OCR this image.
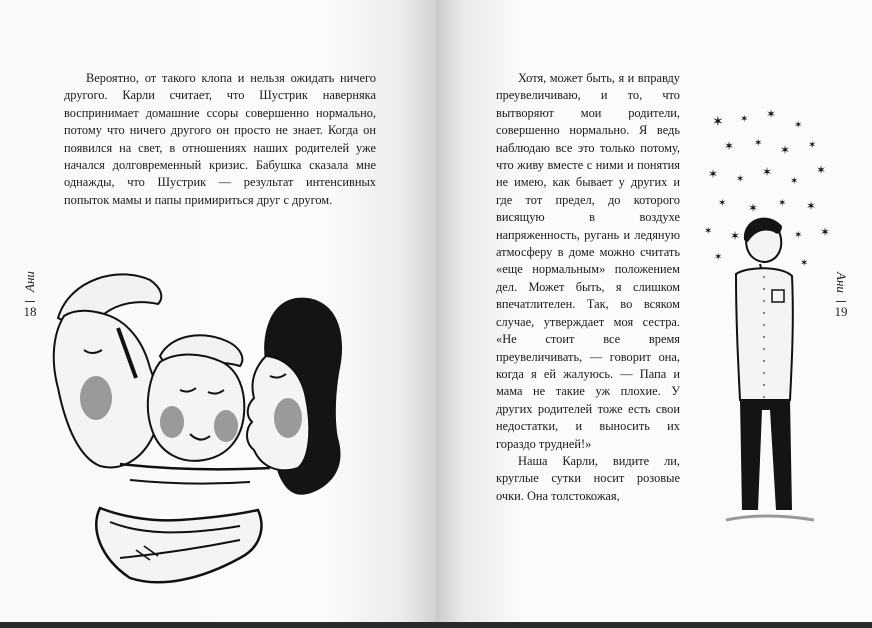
Вероятно, от такого клопа и нельзя ожидать ничего другого. Карли считает, что Шустрик наверняка воспринимает домашние ссоры совершенно нормально, потому что ничего другого он просто не знает. Когда он появился на свет, в отношениях наших родителей уже начался долговременный кризис. Бабушка сказала мне однажды, что Шустрик — результат интенсивных попыток мамы и папы примириться друг с другом.

Ани
18

Хотя, может быть, я и вправду преувеличиваю, и то, что вытворяют мои родители, совершенно нормально. Я ведь наблюдаю все это только потому, что живу вместе с ними и понятия не имею, как бывает у других и где тот предел, до которого висящую в воздухе напряженность, ругань и ледяную атмосферу в доме можно считать «еще нормальным» положением дел. Может быть, я слишком впечатлителен. Так, во всяком случае, утверждает моя сестра. «Не стоит все время преувеличивать, — говорит она, когда я ей жалуюсь. — Папа и мама не такие уж плохие. У других родителей тоже есть свои недостатки, и выносить их гораздо трудней!»

Наша Карли, видите ли, круглые сутки носит розовые очки. Она толстокожая,

Ани
19
✶ ✶ ✶
✶
✶ ✶ ✶ ✶
✶ ✶
✶
✶
✶
✶ ✶ ✶ ✶
✶ ✶	✶ ✶
✶
✶
